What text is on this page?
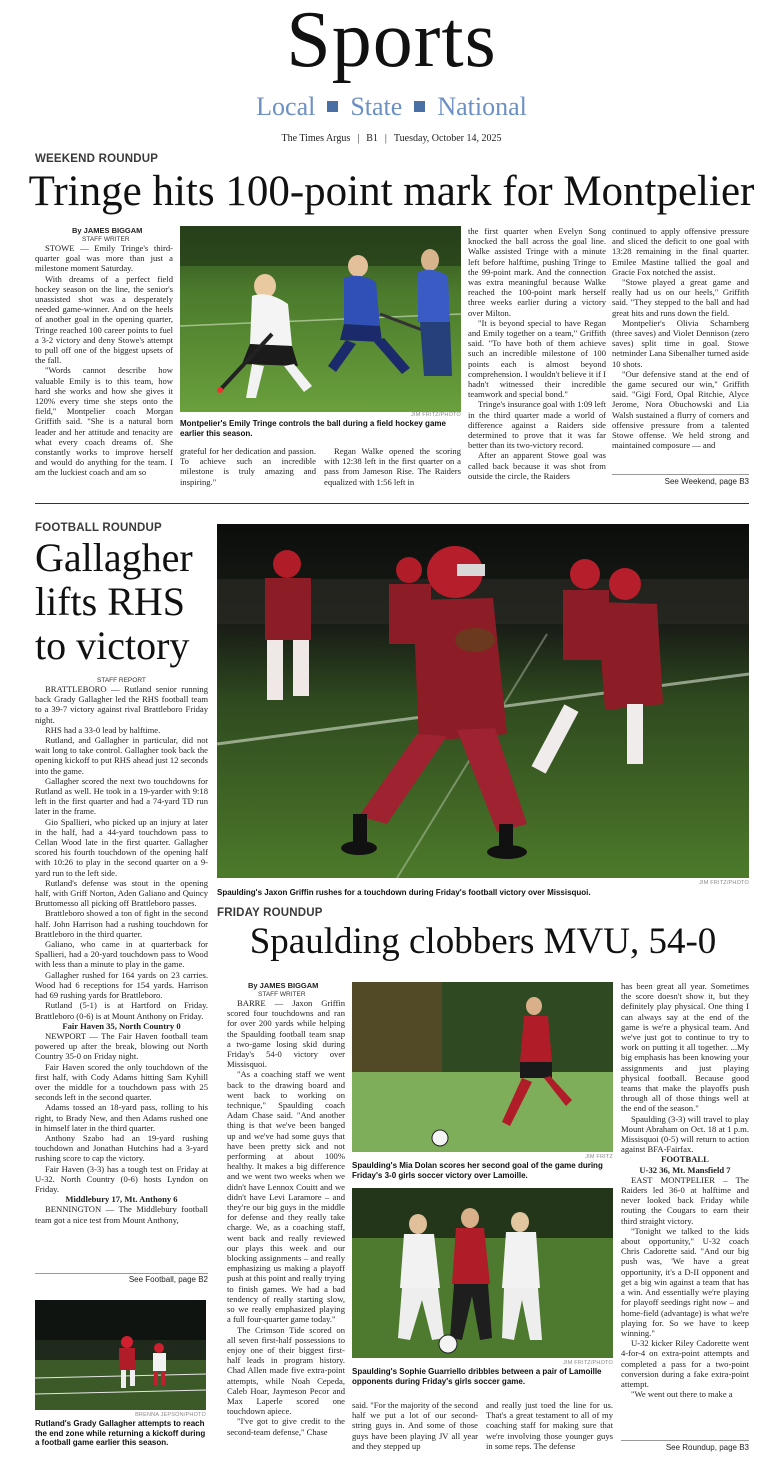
Sports
Local State National
The Times Argus | B1 | Tuesday, October 14, 2025
WEEKEND ROUNDUP
Tringe hits 100-point mark for Montpelier
By JAMES BIGGAM
STAFF WRITER

STOWE — Emily Tringe's third-quarter goal was more than just a milestone moment Saturday.

With dreams of a perfect field hockey season on the line, the senior's unassisted shot was a desperately needed game-winner. And on the heels of another goal in the opening quarter, Tringe reached 100 career points to fuel a 3-2 victory and deny Stowe's attempt to pull off one of the biggest upsets of the fall.

"Words cannot describe how valuable Emily is to this team, how hard she works and how she gives it 120% every time she steps onto the field," Montpelier coach Morgan Griffith said. "She is a natural born leader and her attitude and tenacity are what every coach dreams of. She constantly works to improve herself and would do anything for the team. I am the luckiest coach and am so

JIM FRITZ/PHOTO
Montpelier's Emily Tringe controls the ball during a field hockey game earlier this season.

grateful for her dedication and passion. To achieve such an incredible milestone is truly amazing and inspiring."

Regan Walke opened the scoring with 12:38 left in the first quarter on a pass from Jameson Rise. The Raiders equalized with 1:56 left in

the first quarter when Evelyn Song knocked the ball across the goal line. Walke assisted Tringe with a minute left before halftime, pushing Tringe to the 99-point mark. And the connection was extra meaningful because Walke reached the 100-point mark herself three weeks earlier during a victory over Milton.

"It is beyond special to have Regan and Emily together on a team," Griffith said. "To have both of them achieve such an incredible milestone of 100 points each is almost beyond comprehension. I wouldn't believe it if I hadn't witnessed their incredible teamwork and special bond."

Tringe's insurance goal with 1:09 left in the third quarter made a world of difference against a Raiders side determined to prove that it was far better than its two-victory record.

After an apparent Stowe goal was called back because it was shot from outside the circle, the Raiders

continued to apply offensive pressure and sliced the deficit to one goal with 13:28 remaining in the final quarter. Emilee Mastine tallied the goal and Gracie Fox notched the assist.

"Stowe played a great game and really had us on our heels," Griffith said. "They stepped to the ball and had great hits and runs down the field.

Montpelier's Olivia Scharnberg (three saves) and Violet Dennison (zero saves) split time in goal. Stowe netminder Lana Sibenalher turned aside 10 shots.

"Our defensive stand at the end of the game secured our win," Griffith said. "Gigi Ford, Opal Ritchie, Alyce Jerome, Nora Obuchowski and Lia Walsh sustained a flurry of corners and offensive pressure from a talented Stowe offense. We held strong and maintained composure — and

See Weekend, page B3
FOOTBALL ROUNDUP
Gallagher
lifts RHS
to victory
STAFF REPORT

BRATTLEBORO — Rutland senior running back Grady Gallagher led the RHS football team to a 39-7 victory against rival Brattleboro Friday night.

RHS had a 33-0 lead by halftime.

Rutland, and Gallagher in particular, did not wait long to take control. Gallagher took back the opening kickoff to put RHS ahead just 12 seconds into the game.

Gallagher scored the next two touchdowns for Rutland as well. He took in a 19-yarder with 9:18 left in the first quarter and had a 74-yard TD run later in the frame.

Gio Spallieri, who picked up an injury at later in the half, had a 44-yard touchdown pass to Cellan Wood late in the first quarter. Gallagher scored his fourth touchdown of the opening half with 10:26 to play in the second quarter on a 9-yard run to the left side.

Rutland's defense was stout in the opening half, with Griff Norton, Aden Galiano and Quincy Bruttomesso all picking off Brattleboro passes.

Brattleboro showed a ton of fight in the second half. John Harrison had a rushing touchdown for Brattleboro in the third quarter.

Galiano, who came in at quarterback for Spallieri, had a 20-yard touchdown pass to Wood with less than a minute to play in the game.

Gallagher rushed for 164 yards on 23 carries. Wood had 6 receptions for 154 yards. Harrison had 69 rushing yards for Brattleboro.

Rutland (5-1) is at Hartford on Friday. Brattleboro (0-6) is at Mount Anthony on Friday.

Fair Haven 35, North Country 0

NEWPORT — The Fair Haven football team powered up after the break, blowing out North Country 35-0 on Friday night.

Fair Haven scored the only touchdown of the first half, with Cody Adams hitting Sam Kyhill over the middle for a touchdown pass with 25 seconds left in the second quarter.

Adams tossed an 18-yard pass, rolling to his right, to Brady New, and then Adams rushed one in himself later in the third quarter.

Anthony Szabo had an 19-yard rushing touchdown and Jonathan Hutchins had a 3-yard rushing score to cap the victory.

Fair Haven (3-3) has a tough test on Friday at U-32. North Country (0-6) hosts Lyndon on Friday.

Middlebury 17, Mt. Anthony 6

BENNINGTON — The Middlebury football team got a nice test from Mount Anthony,

See Football, page B2
BRENNA JEPSON/PHOTO
Rutland's Grady Gallagher attempts to reach the end zone while returning a kickoff during a football game earlier this season.
JIM FRITZ/PHOTO
Spaulding's Jaxon Griffin rushes for a touchdown during Friday's football victory over Missisquoi.
FRIDAY ROUNDUP
Spaulding clobbers MVU, 54-0
By JAMES BIGGAM
STAFF WRITER

BARRE — Jaxon Griffin scored four touchdowns and ran for over 200 yards while helping the Spaulding football team snap a two-game losing skid during Friday's 54-0 victory over Missisquoi.

"As a coaching staff we went back to the drawing board and went back to working on technique," Spaulding coach Adam Chase said. "And another thing is that we've been banged up and we've had some guys that have been pretty sick and not performing at about 100% healthy. It makes a big difference and we went two weeks when we didn't have Lennox Couitt and we didn't have Levi Laramore – and they're our big guys in the middle for defense and they really take charge. We, as a coaching staff, went back and really reviewed our plays this week and our blocking assignments – and really emphasizing us making a playoff push at this point and really trying to finish games. We had a bad tendency of really starting slow, so we really emphasized playing a full four-quarter game today."

The Crimson Tide scored on all seven first-half possessions to enjoy one of their biggest first-half leads in program history. Chad Allen made five extra-point attempts, while Noah Cepeda, Caleb Hoar, Jaymeson Pecor and Max Laperle scored one touchdown apiece.

"I've got to give credit to the second-team defense," Chase

JIM FRITZ
Spaulding's Mia Dolan scores her second goal of the game during Friday's 3-0 girls soccer victory over Lamoille.
JIM FRITZ/PHOTO
Spaulding's Sophie Guarriello dribbles between a pair of Lamoille opponents during Friday's girls soccer game.

said. "For the majority of the second half we put a lot of our second-string guys in. And some of those guys have been playing JV all year and they stepped up

and really just toed the line for us. That's a great testament to all of my coaching staff for making sure that we're involving those younger guys in some reps. The defense

has been great all year. Sometimes the score doesn't show it, but they definitely play physical. One thing I can always say at the end of the game is we're a physical team. And we've just got to continue to try to work on putting it all together. ...My big emphasis has been knowing your assignments and just playing physical football. Because good teams that make the playoffs push through all of those things well at the end of the season."

Spaulding (3-3) will travel to play Mount Abraham on Oct. 18 at 1 p.m. Missisquoi (0-5) will return to action against BFA-Fairfax.

FOOTBALL

U-32 36, Mt. Mansfield 7

EAST MONTPELIER – The Raiders led 36-0 at halftime and never looked back Friday while routing the Cougars to earn their third straight victory.

"Tonight we talked to the kids about opportunity," U-32 coach Chris Cadorette said. "And our big push was, 'We have a great opportunity, it's a D-II opponent and get a big win against a team that has a win. And essentially we're playing for playoff seedings right now – and home-field (advantage) is what we're playing for. So we have to keep winning."

U-32 kicker Riley Cadorette went 4-for-4 on extra-point attempts and completed a pass for a two-point conversion during a fake extra-point attempt.

"We went out there to make a

See Roundup, page B3
